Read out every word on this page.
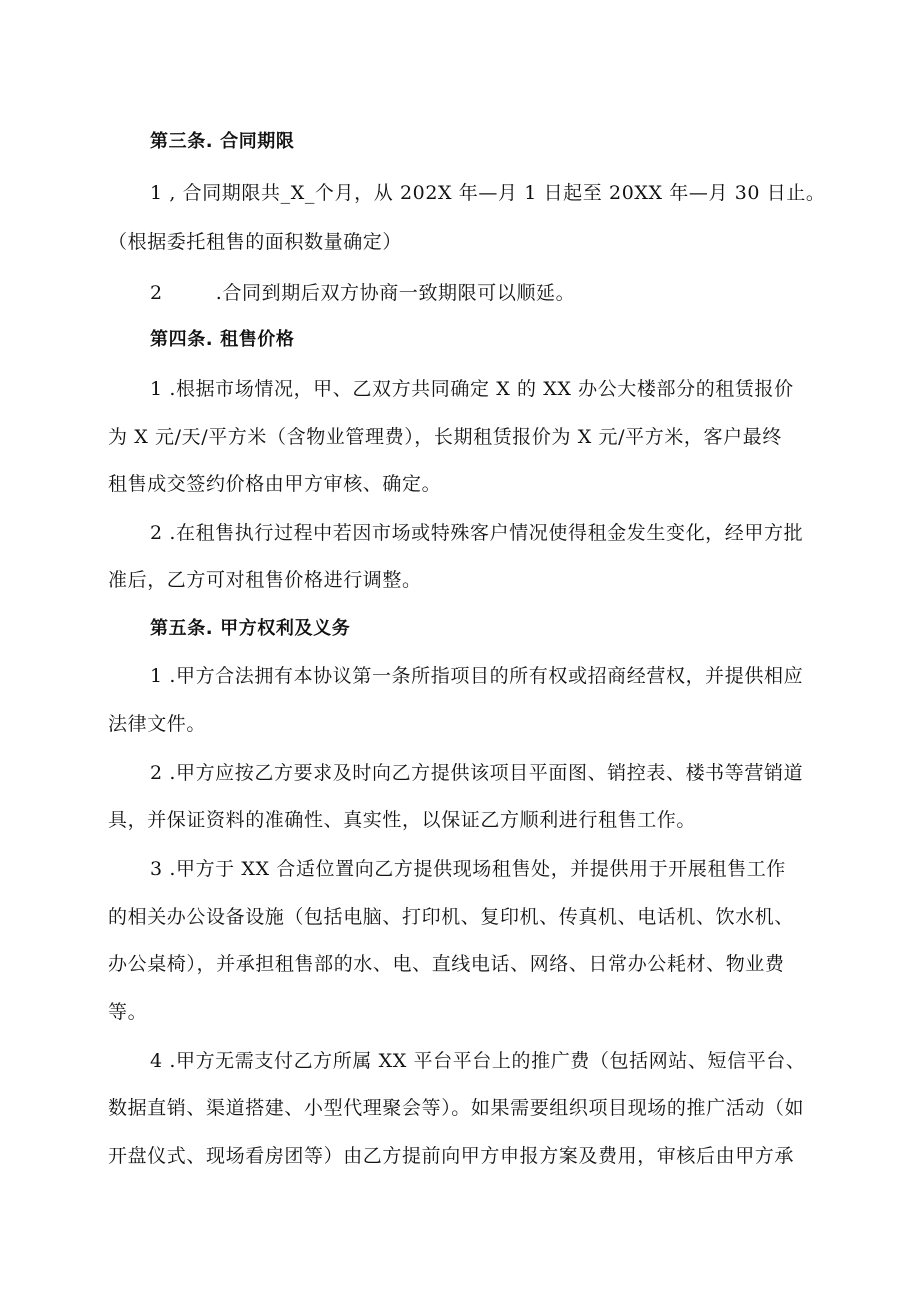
第三条. 合同期限
1 , 合同期限共_X_个月，从 202X 年—月 1 日起至 20XX 年—月 30 日止。
（根据委托租售的面积数量确定）
2        .合同到期后双方协商一致期限可以顺延。
第四条. 租售价格
1 .根据市场情况，甲、乙双方共同确定 X 的 XX 办公大楼部分的租赁报价
为 X 元/天/平方米（含物业管理费），长期租赁报价为 X 元/平方米，客户最终
租售成交签约价格由甲方审核、确定。
2 .在租售执行过程中若因市场或特殊客户情况使得租金发生变化，经甲方批
准后，乙方可对租售价格进行调整。
第五条. 甲方权利及义务
1 .甲方合法拥有本协议第一条所指项目的所有权或招商经营权，并提供相应
法律文件。
2 .甲方应按乙方要求及时向乙方提供该项目平面图、销控表、楼书等营销道
具，并保证资料的准确性、真实性，以保证乙方顺利进行租售工作。
3 .甲方于 XX 合适位置向乙方提供现场租售处，并提供用于开展租售工作
的相关办公设备设施（包括电脑、打印机、复印机、传真机、电话机、饮水机、
办公桌椅），并承担租售部的水、电、直线电话、网络、日常办公耗材、物业费
等。
4 .甲方无需支付乙方所属 XX 平台平台上的推广费（包括网站、短信平台、
数据直销、渠道搭建、小型代理聚会等）。如果需要组织项目现场的推广活动（如
开盘仪式、现场看房团等）由乙方提前向甲方申报方案及费用，审核后由甲方承
